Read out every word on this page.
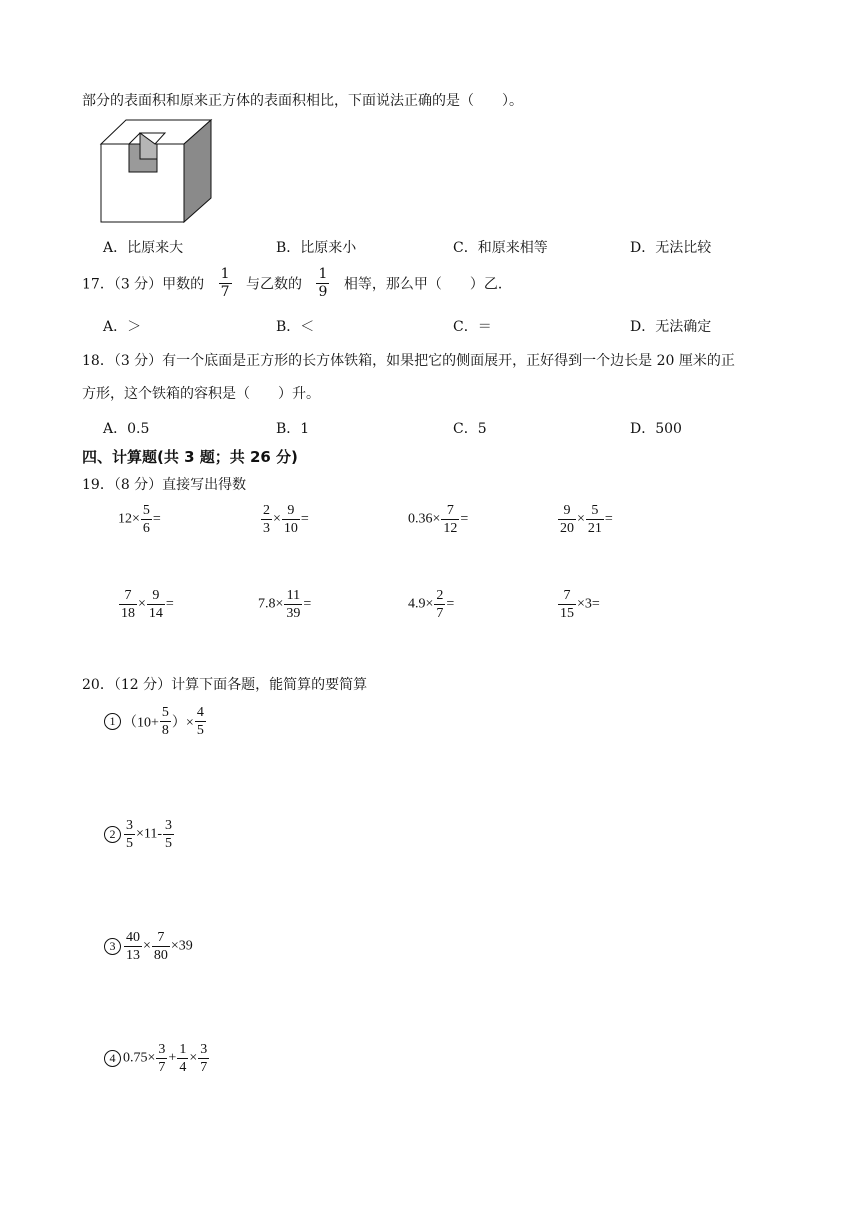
部分的表面积和原来正方体的表面积相比，下面说法正确的是（　　）。
A．比原来大	B．比原来小	C．和原来相等	D．无法比较
17．（3 分）甲数的 $\frac{1}{7}$ 与乙数的 $\frac{1}{9}$ 相等，那么甲（　　）乙．
A．＞	B．＜	C．＝	D．无法确定
18．（3 分）有一个底面是正方形的长方体铁箱，如果把它的侧面展开，正好得到一个边长是 20 厘米的正
方形，这个铁箱的容积是（　　）升。
A．0.5	B．1	C．5	D．500
四、计算题(共 3 题；共 26 分)
19．（8 分）直接写出得数
$12\times \frac{5}{6}$ =	$\frac{2}{3} \times \frac{9}{10}$ =	$0.36\times \frac{7}{12}$ =	$\frac{9}{20} \times \frac{5}{21}$ =
$\frac{7}{18} \times \frac{9}{14}$ =	$7.8\times \frac{11}{39}$ =	$4.9\times \frac{2}{7}$ =	$\frac{7}{15} \times 3=$
20．（12 分）计算下面各题，能简算的要简算
1 （$10+ \frac{5}{8}$ ）× $\frac{4}{5}$
$2 \frac{3}{5} \times 11- \frac{3}{5}$
$3 \frac{40}{13} \times \frac{7}{80} \times 39$
4 $0.75\times \frac{3}{7} + \frac{1}{4} \times \frac{3}{7}$
